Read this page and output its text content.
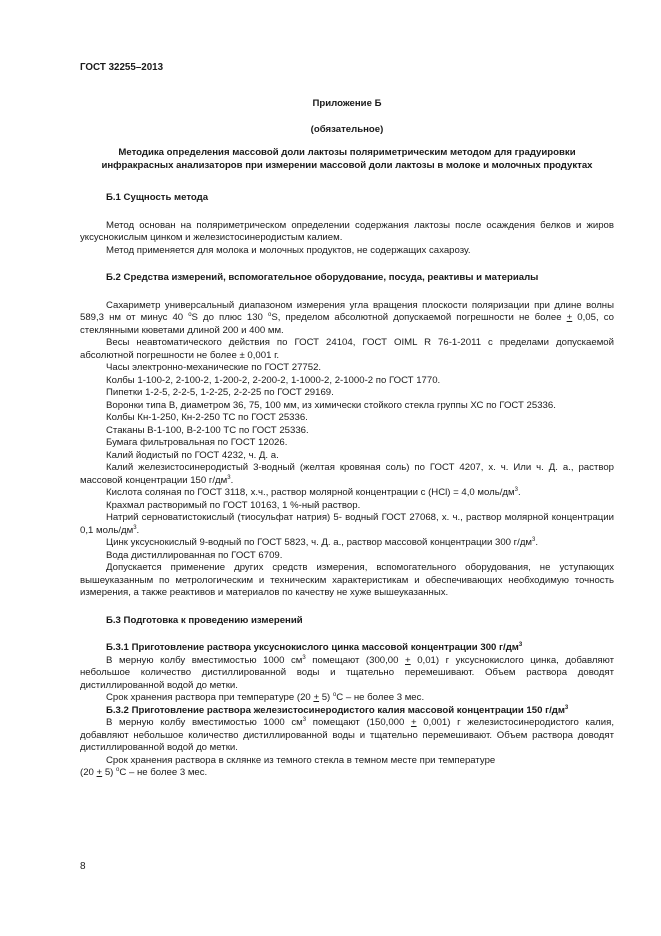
ГОСТ 32255–2013
Приложение Б
(обязательное)
Методика определения массовой доли лактозы поляриметрическим методом для градуировки инфракрасных анализаторов при измерении массовой доли лактозы в молоке и молочных продуктах
Б.1 Сущность метода

Метод основан на поляриметрическом определении содержания лактозы после осаждения белков и жиров уксуснокислым цинком и железистосинеродистым калием.

Метод применяется для молока и молочных продуктов, не содержащих сахарозу.

Б.2 Средства измерений, вспомогательное оборудование, посуда, реактивы и материалы

Сахариметр универсальный диапазоном измерения угла вращения плоскости поляризации при длине волны 589,3 нм от минус 40 $^о$S до плюс 130 $^о$S, пределом абсолютной допускаемой погрешности не более + 0,05, со стеклянными кюветами длиной 200 и 400 мм.

Весы неавтоматического действия по ГОСТ 24104, ГОСТ OIML R 76-1-2011 с пределами допускаемой абсолютной погрешности не более ± 0,001 г.

Часы электронно-механические по ГОСТ 27752.

Колбы 1-100-2, 2-100-2, 1-200-2, 2-200-2, 1-1000-2, 2-1000-2 по ГОСТ 1770.

Пипетки 1-2-5, 2-2-5, 1-2-25, 2-2-25 по ГОСТ 29169.

Воронки типа В, диаметром 36, 75, 100 мм, из химически стойкого стекла группы ХС по ГОСТ 25336.

Колбы Кн-1-250, Кн-2-250 ТС по ГОСТ 25336.

Стаканы В-1-100, В-2-100 ТС по ГОСТ 25336.

Бумага фильтровальная по ГОСТ 12026.

Калий йодистый по ГОСТ 4232, ч. Д. а.

Калий железистосинеродистый 3-водный (желтая кровяная соль) по ГОСТ 4207, х. ч. Или ч. Д. а., раствор массовой концентрации 150 $г/дм^3$.

Кислота соляная по ГОСТ 3118, х.ч., раствор молярной концентрации с (HCl) = 4,0 моль/$дм^3$.

Крахмал растворимый по ГОСТ 10163, 1 %-ный раствор.

Натрий серноватистокислый (тиосульфат натрия) 5- водный ГОСТ 27068, х. ч., раствор молярной концентрации 0,1 моль/$дм^3$.

Цинк уксуснокислый 9-водный по ГОСТ 5823, ч. Д. а., раствор массовой концентрации 300 $г/дм^3$.

Вода дистиллированная по ГОСТ 6709.

Допускается применение других средств измерения, вспомогательного оборудования, не уступающих вышеуказанным по метрологическим и техническим характеристикам и обеспечивающих необходимую точность измерения, а также реактивов и материалов по качеству не хуже вышеуказанных.

Б.3 Подготовка к проведению измерений
Б.3.1 Приготовление раствора уксуснокислого цинка массовой концентрации 300 $г/дм^3$

В мерную колбу вместимостью 1000 $см^3$ помещают (300,00 + 0,01) г уксуснокислого цинка, добавляют небольшое количество дистиллированной воды и тщательно перемешивают. Объем раствора доводят дистиллированной водой до метки.

Срок хранения раствора при температуре (20 + 5) $^о$С – не более 3 мес.

Б.3.2 Приготовление раствора железистосинеродистого калия массовой концентрации 150 $г/дм^3$

В мерную колбу вместимостью 1000 $см^3$ помещают (150,000 + 0,001) г железистосинеродистого калия, добавляют небольшое количество дистиллированной воды и тщательно перемешивают. Объем раствора доводят дистиллированной водой до метки.

Срок хранения раствора в склянке из темного стекла в темном месте при температуре

(20 + 5) $^о$С – не более 3 мес.

8
